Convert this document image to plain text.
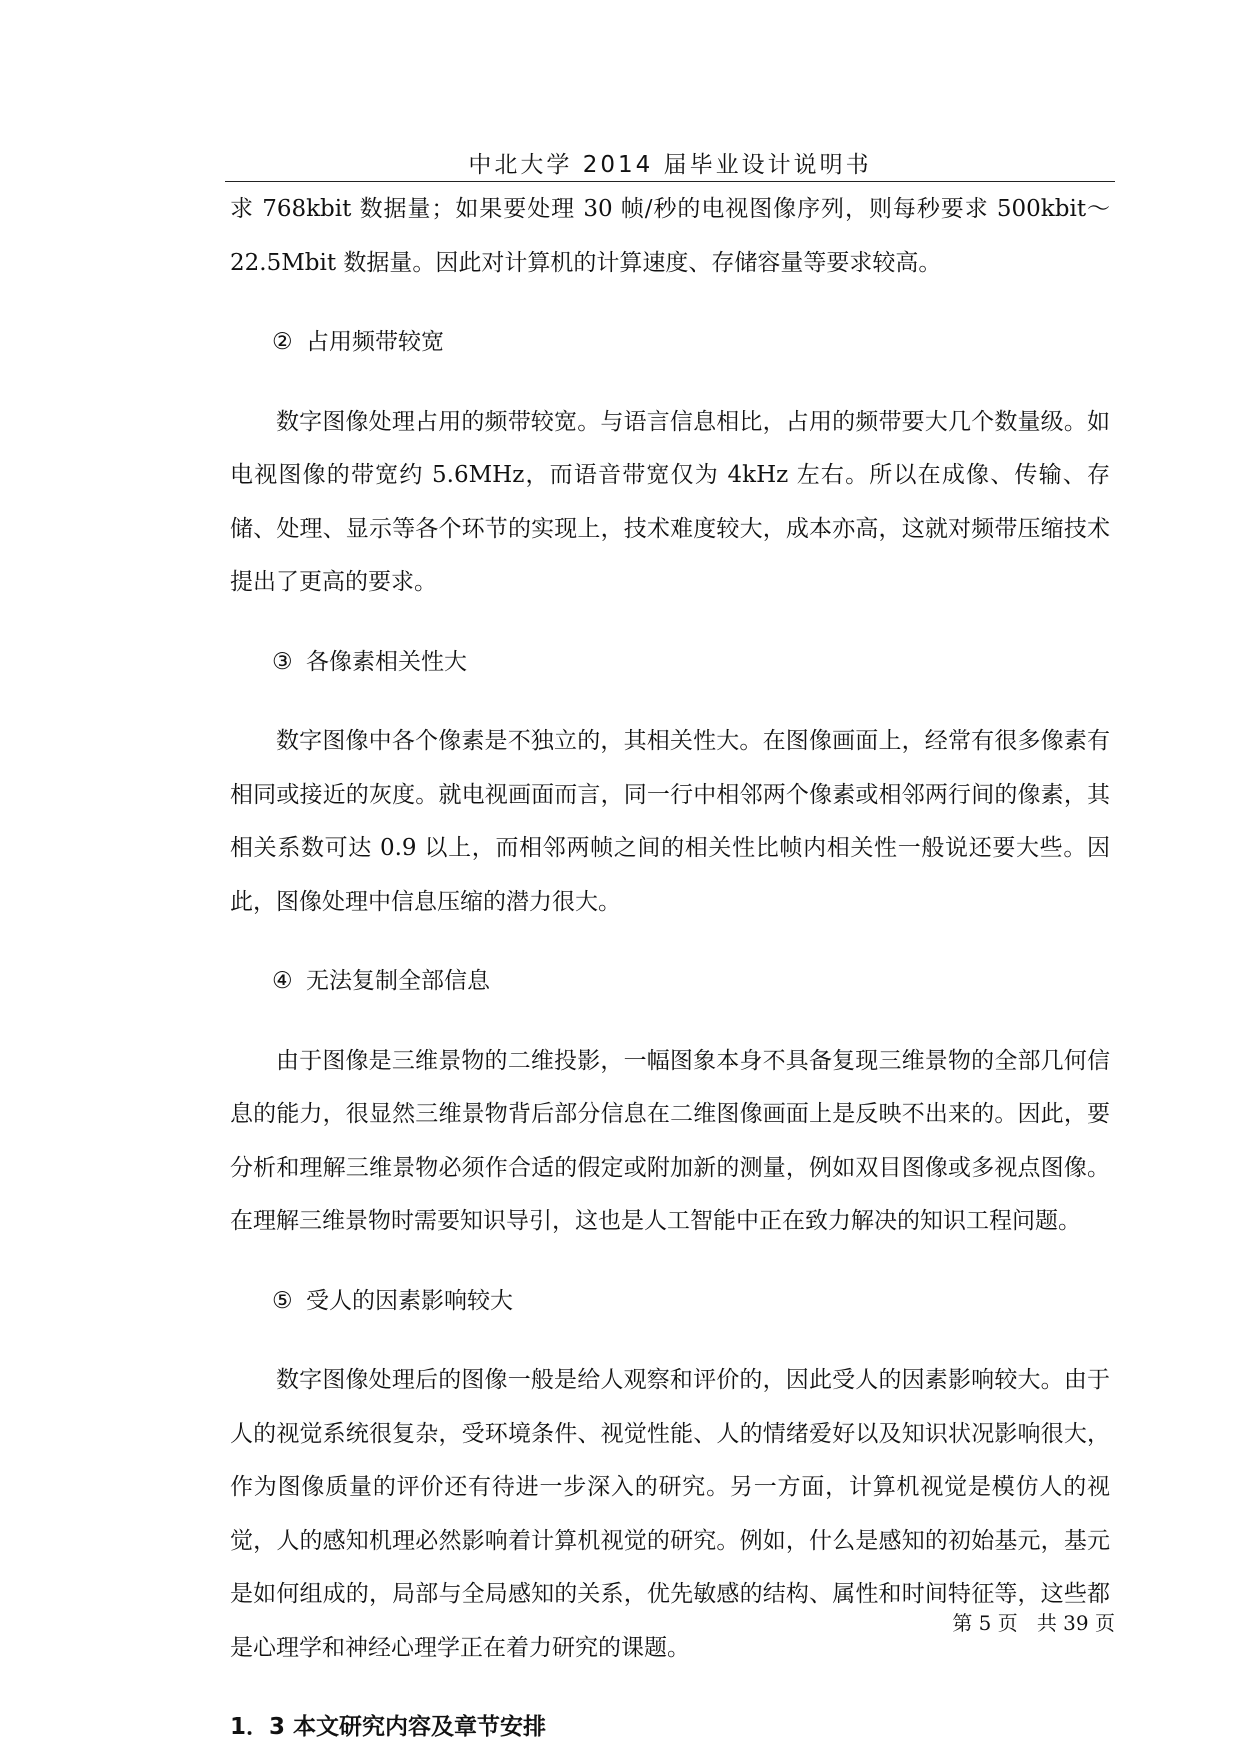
中北大学 2014 届毕业设计说明书

求 768kbit 数据量；如果要处理 30 帧/秒的电视图像序列，则每秒要求 500kbit～22.5Mbit 数据量。因此对计算机的计算速度、存储容量等要求较高。

② 占用频带较宽

数字图像处理占用的频带较宽。与语言信息相比，占用的频带要大几个数量级。如电视图像的带宽约 5.6MHz，而语音带宽仅为 4kHz 左右。所以在成像、传输、存储、处理、显示等各个环节的实现上，技术难度较大，成本亦高，这就对频带压缩技术提出了更高的要求。

③ 各像素相关性大

数字图像中各个像素是不独立的，其相关性大。在图像画面上，经常有很多像素有相同或接近的灰度。就电视画面而言，同一行中相邻两个像素或相邻两行间的像素，其相关系数可达 0.9 以上，而相邻两帧之间的相关性比帧内相关性一般说还要大些。因此，图像处理中信息压缩的潜力很大。

④ 无法复制全部信息

由于图像是三维景物的二维投影，一幅图象本身不具备复现三维景物的全部几何信息的能力，很显然三维景物背后部分信息在二维图像画面上是反映不出来的。因此，要分析和理解三维景物必须作合适的假定或附加新的测量，例如双目图像或多视点图像。在理解三维景物时需要知识导引，这也是人工智能中正在致力解决的知识工程问题。

⑤ 受人的因素影响较大

数字图像处理后的图像一般是给人观察和评价的，因此受人的因素影响较大。由于人的视觉系统很复杂，受环境条件、视觉性能、人的情绪爱好以及知识状况影响很大，作为图像质量的评价还有待进一步深入的研究。另一方面，计算机视觉是模仿人的视觉，人的感知机理必然影响着计算机视觉的研究。例如，什么是感知的初始基元，基元是如何组成的，局部与全局感知的关系，优先敏感的结构、属性和时间特征等，这些都是心理学和神经心理学正在着力研究的课题。

1．3 本文研究内容及章节安排
第 5 页   共 39 页
